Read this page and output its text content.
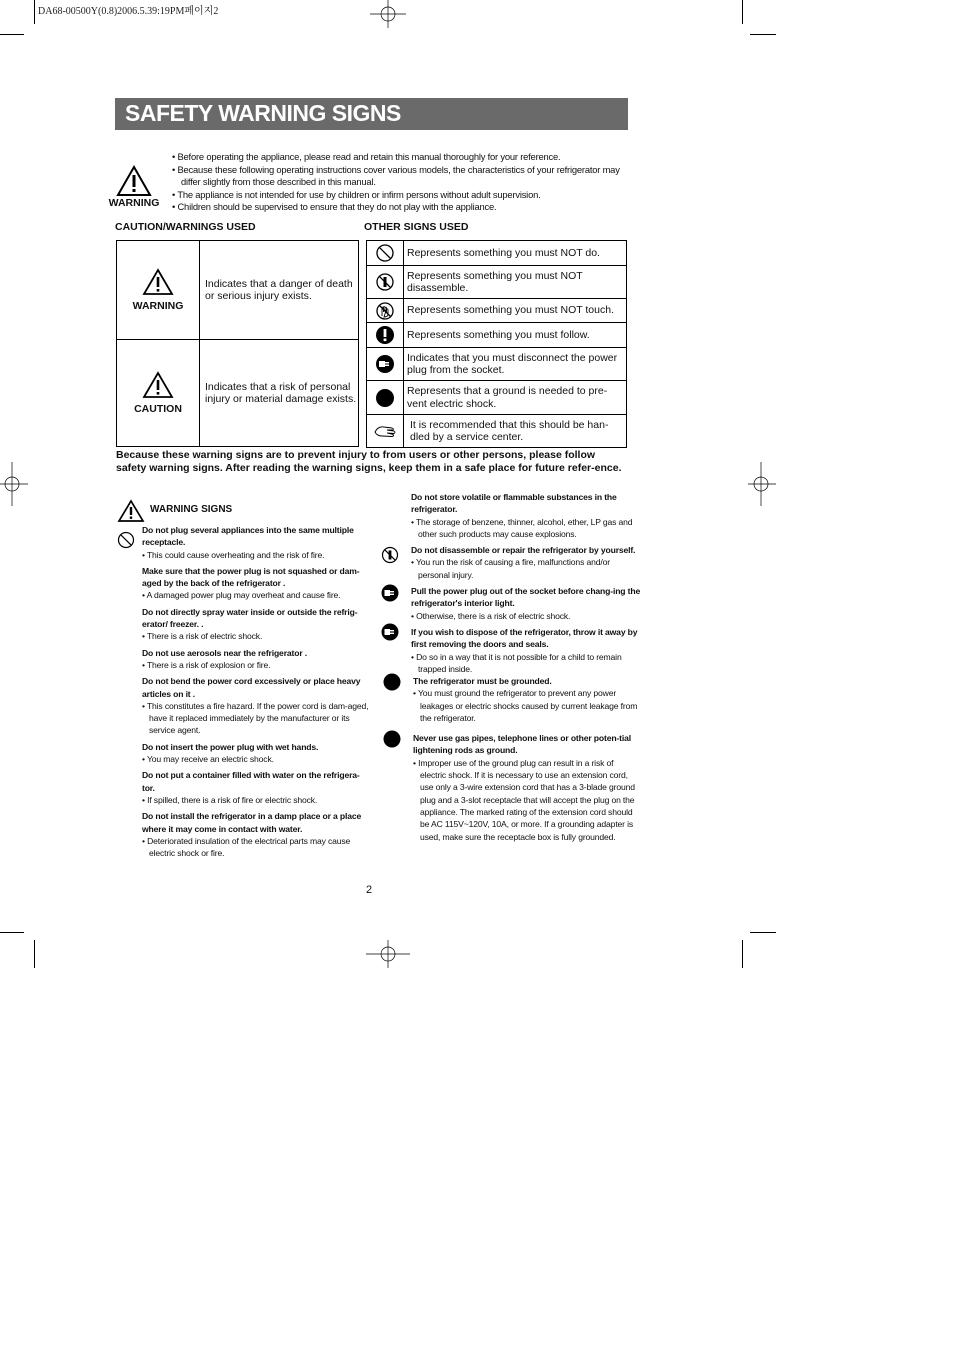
DA68-00500Y(0.8)2006.5.39:19PM페이지2
SAFETY WARNING SIGNS
WARNING

• Before operating the appliance, please read and retain this manual thoroughly for your reference.

• Because these following operating instructions cover various models, the characteristics of your refrigerator may differ slightly from those described in this manual.

• The appliance is not intended for use by children or infirm persons without adult supervision.

• Children should be supervised to ensure that they do not play with the appliance.

CAUTION/WARNINGS USED	OTHER SIGNS USED
WARNING	Indicates that a danger of death or serious injury exists.

CAUTION	Indicates that a risk of personal injury or material damage exists.
	Represents something you must NOT do.

	Represents something you must NOT disassemble.

	Represents something you must NOT touch.

	Represents something you must follow.

	Indicates that you must disconnect the power plug from the socket.

	Represents that a ground is needed to pre-vent electric shock.

	It is recommended that this should be han-dled by a service center.
Because these warning signs are to prevent injury to from users or other persons, please follow safety warning signs. After reading the warning signs, keep them in a safe place for future refer-ence.
WARNING SIGNS

Do not plug several appliances into the same multiple receptacle.

• This could cause overheating and the risk of fire.

Make sure that the power plug is not squashed or dam-aged by the back of the refrigerator .

• A damaged power plug may overheat and cause fire.

Do not directly spray water inside or outside the refrig-erator/ freezer. .

• There is a risk of electric shock.

Do not use aerosols near the refrigerator .

• There is a risk of explosion or fire.

Do not bend the power cord excessively or place heavy articles on it .

• This constitutes a fire hazard. If the power cord is dam-aged, have it replaced immediately by the manufacturer or its service agent.

Do not insert the power plug with wet hands.

• You may receive an electric shock.

Do not put a container filled with water on the refrigera-tor.

• If spilled, there is a risk of fire or electric shock.

Do not install the refrigerator in a damp place or a place where it may come in contact with water.

• Deteriorated insulation of the electrical parts may cause electric shock or fire.

Do not store volatile or flammable substances in the refrigerator.

• The storage of benzene, thinner, alcohol, ether, LP gas and other such products may cause explosions.

Do not disassemble or repair the refrigerator by yourself.

• You run the risk of causing a fire, malfunctions and/or personal injury.

Pull the power plug out of the socket before chang-ing the refrigerator's interior light.

• Otherwise, there is a risk of electric shock.

If you wish to dispose of the refrigerator, throw it away by first removing the doors and seals.

• Do so in a way that it is not possible for a child to remain trapped inside.

The refrigerator must be grounded.

• You must ground the refrigerator to prevent any power leakages or electric shocks caused by current leakage from the refrigerator.

Never use gas pipes, telephone lines or other poten-tial lightening rods as ground.

• Improper use of the ground plug can result in a risk of electric shock. If it is necessary to use an extension cord, use only a 3-wire extension cord that has a 3-blade ground plug and a 3-slot receptacle that will accept the plug on the appliance. The marked rating of the extension cord should be AC 115V~120V, 10A, or more. If a grounding adapter is used, make sure the receptacle box is fully grounded.

2
